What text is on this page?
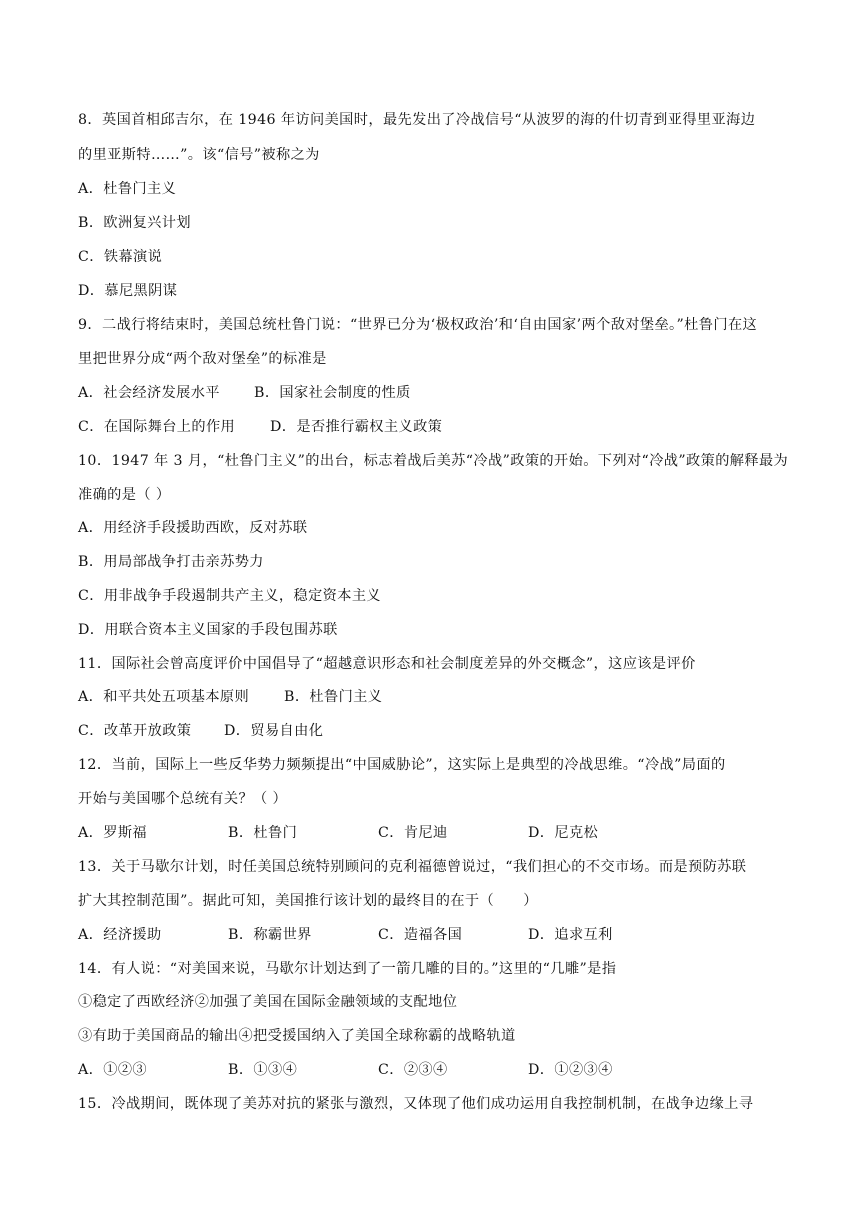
8．英国首相邱吉尔，在 1946 年访问美国时，最先发出了冷战信号“从波罗的海的什切青到亚得里亚海边
的里亚斯特……”。该“信号”被称之为
A．杜鲁门主义
B．欧洲复兴计划
C．铁幕演说
D．慕尼黑阴谋
9．二战行将结束时，美国总统杜鲁门说：“世界已分为‘极权政治’和‘自由国家’两个敌对堡垒。”杜鲁门在这
里把世界分成“两个敌对堡垒”的标准是
A．社会经济发展水平 B．国家社会制度的性质
C．在国际舞台上的作用 D．是否推行霸权主义政策
10．1947 年 3 月，“杜鲁门主义”的出台，标志着战后美苏“冷战”政策的开始。下列对“冷战”政策的解释最为
准确的是（ ）
A．用经济手段援助西欧，反对苏联
B．用局部战争打击亲苏势力
C．用非战争手段遏制共产主义，稳定资本主义
D．用联合资本主义国家的手段包围苏联
11．国际社会曾高度评价中国倡导了“超越意识形态和社会制度差异的外交概念”，这应该是评价
A．和平共处五项基本原则 B．杜鲁门主义
C．改革开放政策 D．贸易自由化
12．当前，国际上一些反华势力频频提出“中国威胁论”，这实际上是典型的冷战思维。“冷战”局面的
开始与美国哪个总统有关？（ ）
A．罗斯福	B．杜鲁门	C．肯尼迪	D．尼克松
13．关于马歇尔计划，时任美国总统特别顾问的克利福德曾说过，“我们担心的不交市场。而是预防苏联
扩大其控制范围”。据此可知，美国推行该计划的最终目的在于（　　）
A．经济援助	B．称霸世界	C．造福各国	D．追求互利
14．有人说：“对美国来说，马歇尔计划达到了一箭几雕的目的。”这里的“几雕”是指
①稳定了西欧经济②加强了美国在国际金融领域的支配地位
③有助于美国商品的输出④把受援国纳入了美国全球称霸的战略轨道
A．①②③	B．①③④	C．②③④	D．①②③④
15．冷战期间，既体现了美苏对抗的紧张与激烈，又体现了他们成功运用自我控制机制，在战争边缘上寻
